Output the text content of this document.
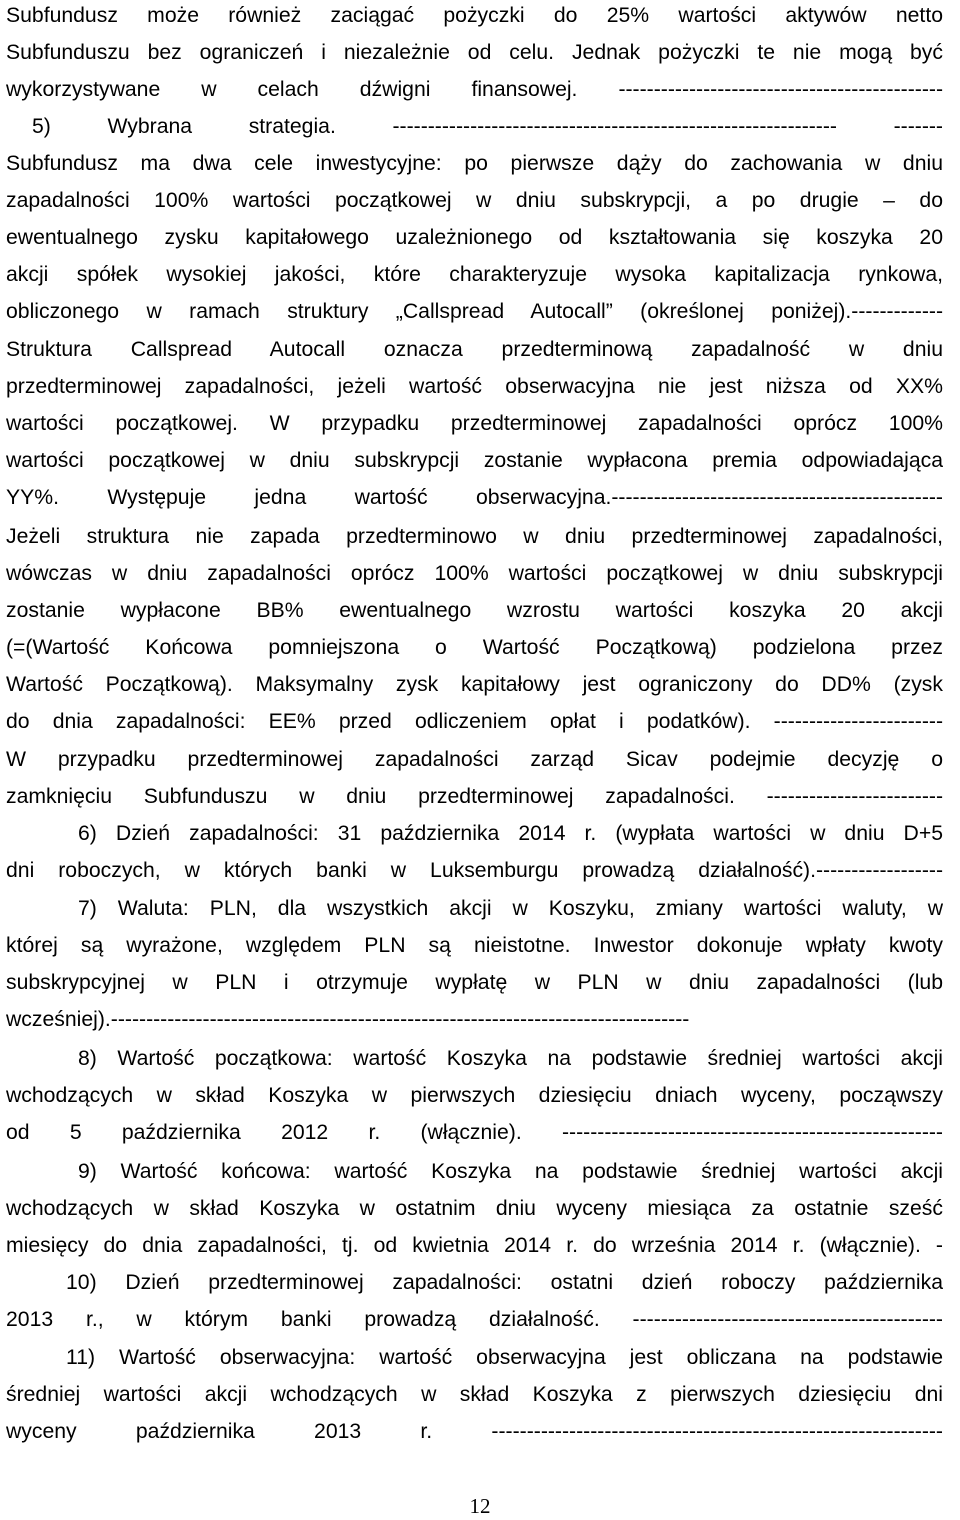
Subfundusz może również zaciągać pożyczki do 25% wartości aktywów netto
Subfunduszu bez ograniczeń i niezależnie od celu. Jednak pożyczki te nie mogą być
wykorzystywane w celach dźwigni finansowej. ----------------------------------------------
5) Wybrana strategia. --------------------------------------------------------------- -------
Subfundusz ma dwa cele inwestycyjne: po pierwsze dąży do zachowania w dniu
zapadalności 100% wartości początkowej w dniu subskrypcji, a po drugie – do
ewentualnego zysku kapitałowego uzależnionego od kształtowania się koszyka 20
akcji spółek wysokiej jakości, które charakteryzuje wysoka kapitalizacja rynkowa,
obliczonego w ramach struktury „Callspread Autocall” (określonej poniżej).-------------
Struktura Callspread Autocall oznacza przedterminową zapadalność w dniu
przedterminowej zapadalności, jeżeli wartość obserwacyjna nie jest niższa od XX%
wartości początkowej. W przypadku przedterminowej zapadalności oprócz 100%
wartości początkowej w dniu subskrypcji zostanie wypłacona premia odpowiadająca
YY%. Występuje jedna wartość obserwacyjna.-----------------------------------------------
Jeżeli struktura nie zapada przedterminowo w dniu przedterminowej zapadalności,
wówczas w dniu zapadalności oprócz 100% wartości początkowej w dniu subskrypcji
zostanie wypłacone BB% ewentualnego wzrostu wartości koszyka 20 akcji
(=(Wartość Końcowa pomniejszona o Wartość Początkową) podzielona przez
Wartość Początkową). Maksymalny zysk kapitałowy jest ograniczony do DD% (zysk
do dnia zapadalności: EE% przed odliczeniem opłat i podatków). ------------------------
W przypadku przedterminowej zapadalności zarząd Sicav podejmie decyzję o
zamknięciu Subfunduszu w dniu przedterminowej zapadalności. -------------------------
6) Dzień zapadalności: 31 października 2014 r. (wypłata wartości w dniu D+5
dni roboczych, w których banki w Luksemburgu prowadzą działalność).------------------
7) Waluta: PLN, dla wszystkich akcji w Koszyku, zmiany wartości waluty, w
której są wyrażone, względem PLN są nieistotne. Inwestor dokonuje wpłaty kwoty
subskrypcyjnej w PLN i otrzymuje wypłatę w PLN w dniu zapadalności (lub
wcześniej).----------------------------------------------------------------------------------
8) Wartość początkowa: wartość Koszyka na podstawie średniej wartości akcji
wchodzących w skład Koszyka w pierwszych dziesięciu dniach wyceny, począwszy
od 5 października 2012 r. (włącznie). ------------------------------------------------------
9) Wartość końcowa: wartość Koszyka na podstawie średniej wartości akcji
wchodzących w skład Koszyka w ostatnim dniu wyceny miesiąca za ostatnie sześć
miesięcy do dnia zapadalności, tj. od kwietnia 2014 r. do września 2014 r. (włącznie). -
10) Dzień przedterminowej zapadalności: ostatni dzień roboczy października
2013 r., w którym banki prowadzą działalność. --------------------------------------------
11) Wartość obserwacyjna: wartość obserwacyjna jest obliczana na podstawie
średniej wartości akcji wchodzących w skład Koszyka z pierwszych dziesięciu dni
wyceny października 2013 r. ----------------------------------------------------------------
12
